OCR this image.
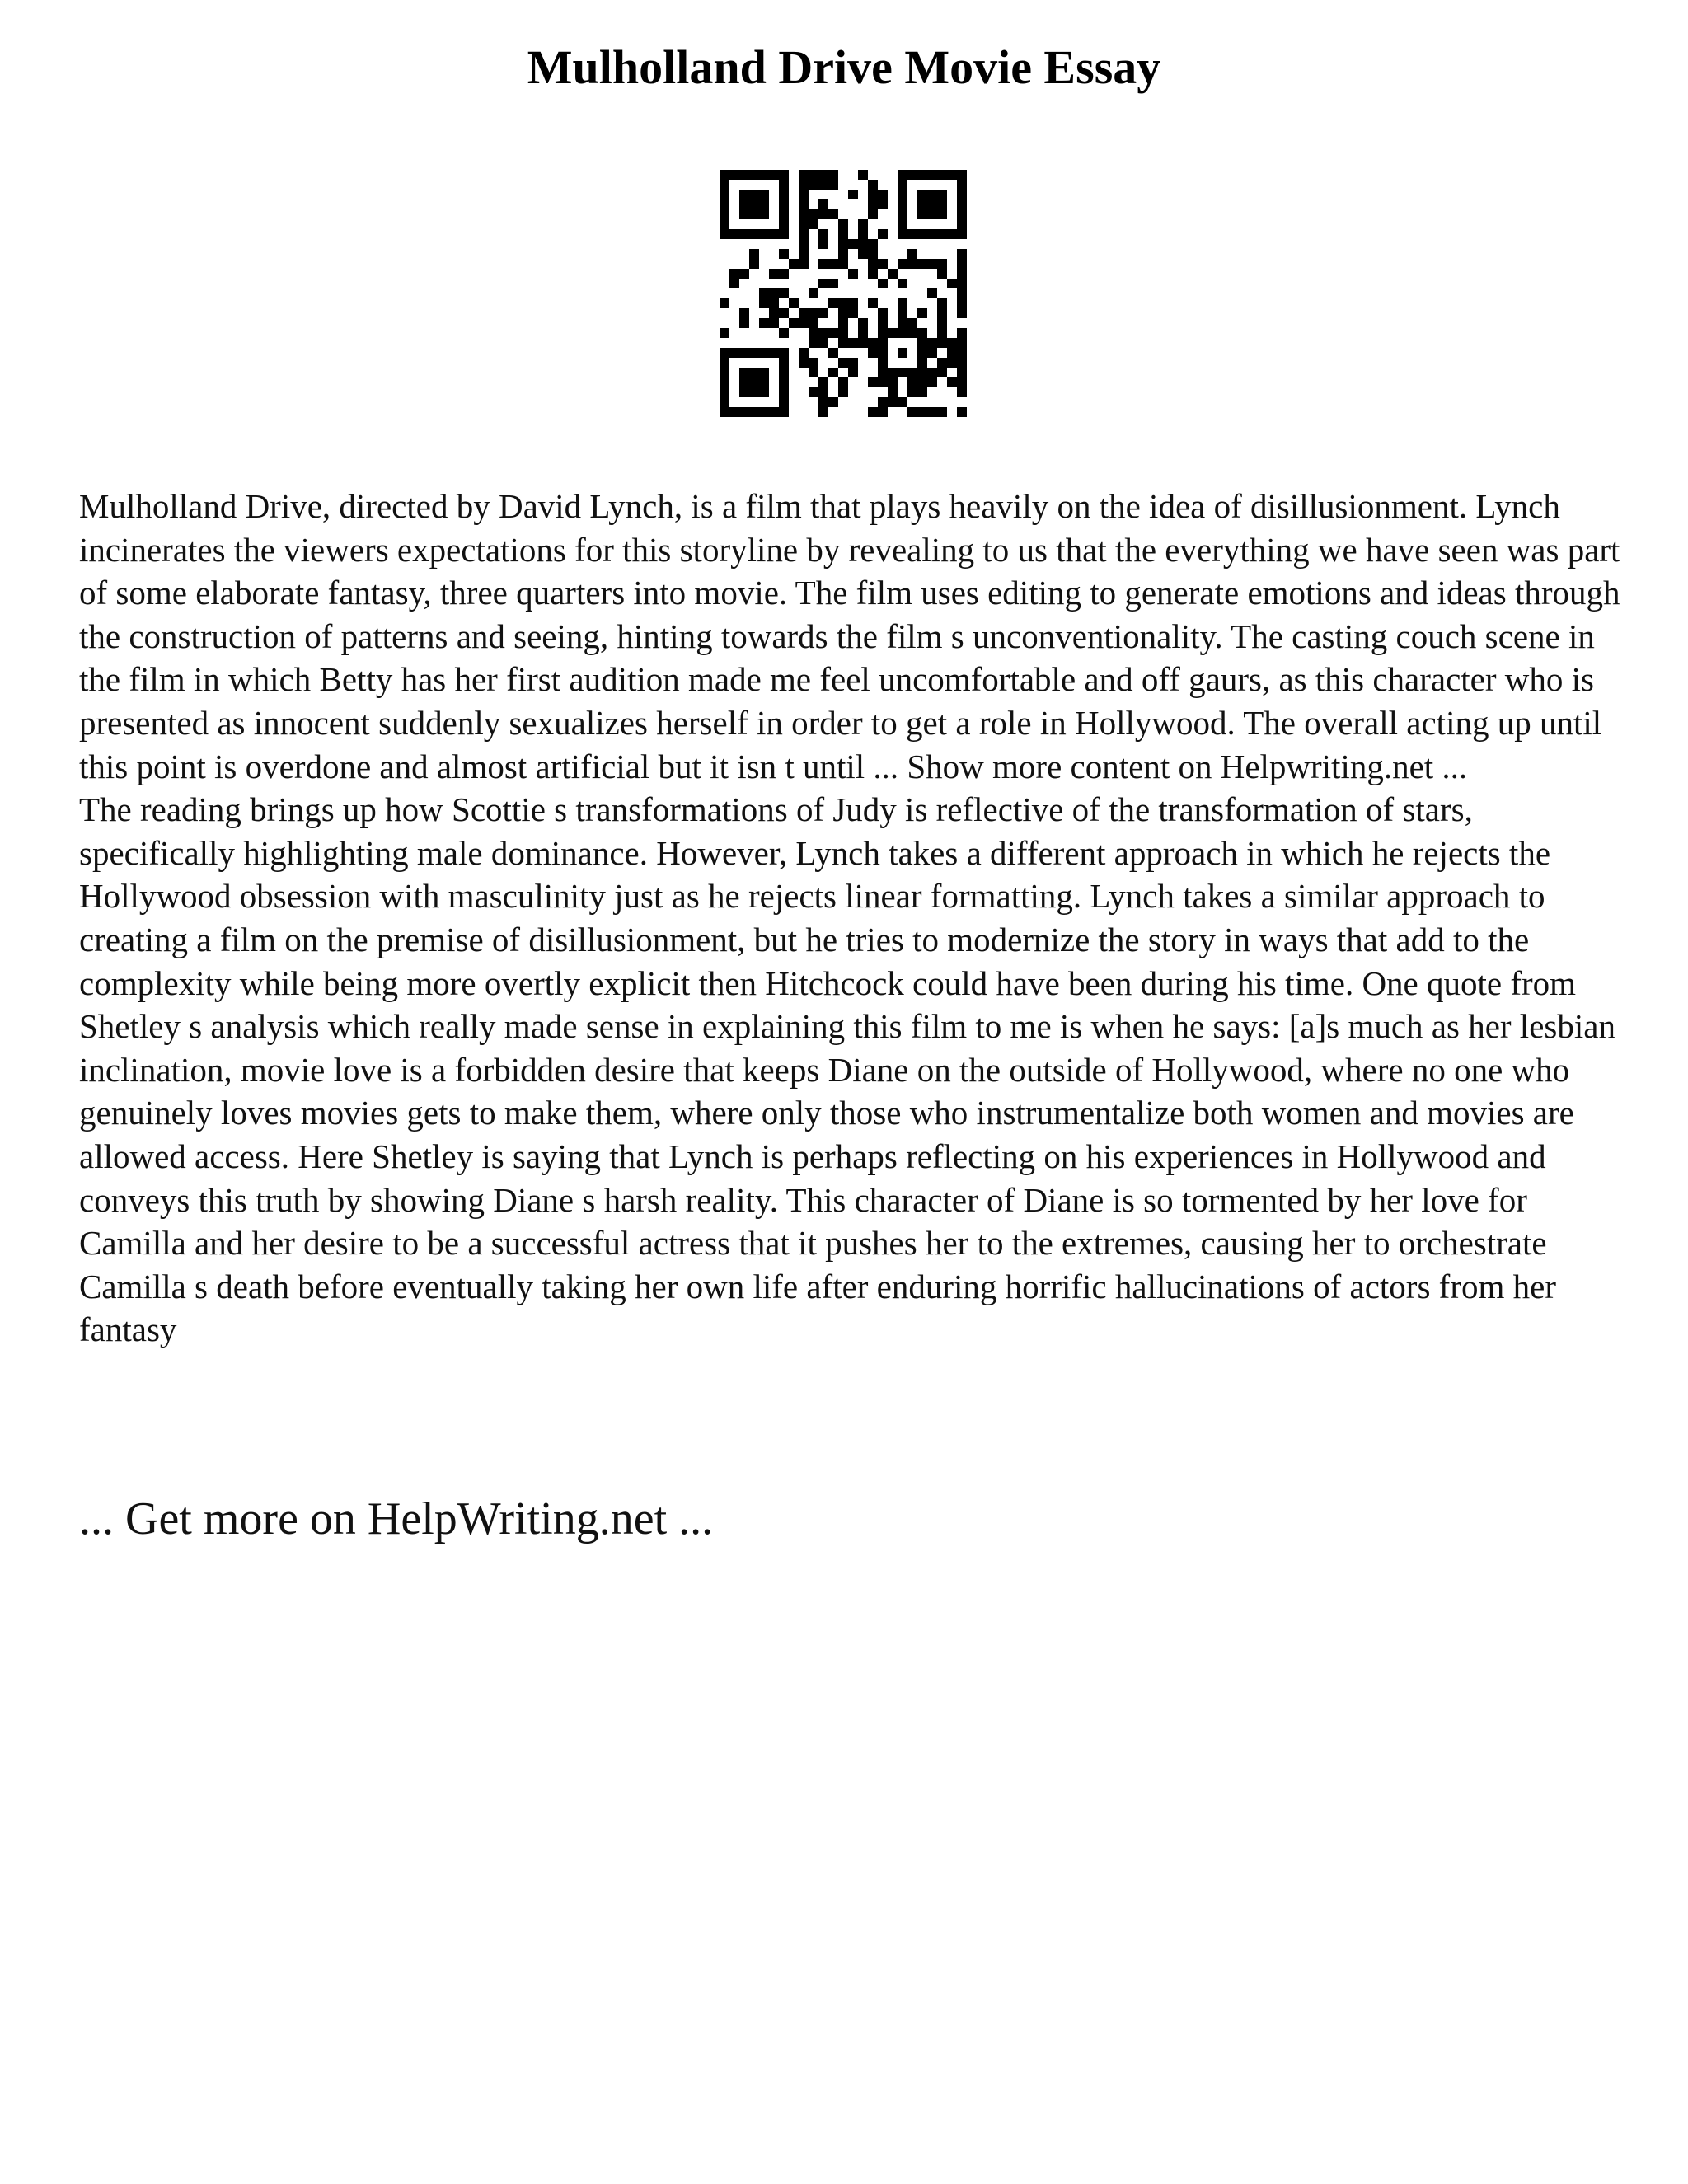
Mulholland Drive Movie Essay

Mulholland Drive, directed by David Lynch, is a film that plays heavily on the idea of disillusionment. Lynch incinerates the viewers expectations for this storyline by revealing to us that the everything we have seen was part of some elaborate fantasy, three quarters into movie. The film uses editing to generate emotions and ideas through the construction of patterns and seeing, hinting towards the film s unconventionality. The casting couch scene in the film in which Betty has her first audition made me feel uncomfortable and off gaurs, as this character who is presented as innocent suddenly sexualizes herself in order to get a role in Hollywood. The overall acting up until this point is overdone and almost artificial but it isn t until ... Show more content on Helpwriting.net ...

The reading brings up how Scottie s transformations of Judy is reflective of the transformation of stars, specifically highlighting male dominance. However, Lynch takes a different approach in which he rejects the Hollywood obsession with masculinity just as he rejects linear formatting. Lynch takes a similar approach to creating a film on the premise of disillusionment, but he tries to modernize the story in ways that add to the complexity while being more overtly explicit then Hitchcock could have been during his time. One quote from Shetley s analysis which really made sense in explaining this film to me is when he says: [a]s much as her lesbian inclination, movie love is a forbidden desire that keeps Diane on the outside of Hollywood, where no one who genuinely loves movies gets to make them, where only those who instrumentalize both women and movies are allowed access. Here Shetley is saying that Lynch is perhaps reflecting on his experiences in Hollywood and conveys this truth by showing Diane s harsh reality. This character of Diane is so tormented by her love for Camilla and her desire to be a successful actress that it pushes her to the extremes, causing her to orchestrate Camilla s death before eventually taking her own life after enduring horrific hallucinations of actors from her fantasy

... Get more on HelpWriting.net ...
